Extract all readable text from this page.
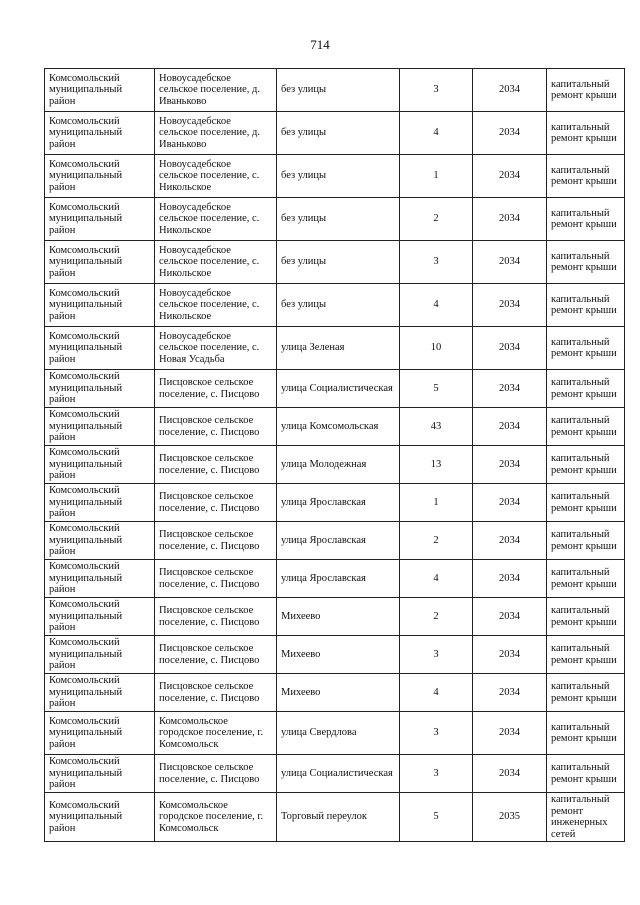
714
Комсомольский муниципальный район	Новоусадебское сельское поселение, д. Иваньково	без улицы	3	2034	капитальный ремонт крыши
Комсомольский муниципальный район	Новоусадебское сельское поселение, д. Иваньково	без улицы	4	2034	капитальный ремонт крыши
Комсомольский муниципальный район	Новоусадебское сельское поселение, с. Никольское	без улицы	1	2034	капитальный ремонт крыши
Комсомольский муниципальный район	Новоусадебское сельское поселение, с. Никольское	без улицы	2	2034	капитальный ремонт крыши
Комсомольский муниципальный район	Новоусадебское сельское поселение, с. Никольское	без улицы	3	2034	капитальный ремонт крыши
Комсомольский муниципальный район	Новоусадебское сельское поселение, с. Никольское	без улицы	4	2034	капитальный ремонт крыши
Комсомольский муниципальный район	Новоусадебское сельское поселение, с. Новая Усадьба	улица Зеленая	10	2034	капитальный ремонт крыши
Комсомольский муниципальный район	Писцовское сельское поселение, с. Писцово	улица Социалистическая	5	2034	капитальный ремонт крыши
Комсомольский муниципальный район	Писцовское сельское поселение, с. Писцово	улица Комсомольская	43	2034	капитальный ремонт крыши
Комсомольский муниципальный район	Писцовское сельское поселение, с. Писцово	улица Молодежная	13	2034	капитальный ремонт крыши
Комсомольский муниципальный район	Писцовское сельское поселение, с. Писцово	улица Ярославская	1	2034	капитальный ремонт крыши
Комсомольский муниципальный район	Писцовское сельское поселение, с. Писцово	улица Ярославская	2	2034	капитальный ремонт крыши
Комсомольский муниципальный район	Писцовское сельское поселение, с. Писцово	улица Ярославская	4	2034	капитальный ремонт крыши
Комсомольский муниципальный район	Писцовское сельское поселение, с. Писцово	Михеево	2	2034	капитальный ремонт крыши
Комсомольский муниципальный район	Писцовское сельское поселение, с. Писцово	Михеево	3	2034	капитальный ремонт крыши
Комсомольский муниципальный район	Писцовское сельское поселение, с. Писцово	Михеево	4	2034	капитальный ремонт крыши
Комсомольский муниципальный район	Комсомольское городское поселение, г. Комсомольск	улица Свердлова	3	2034	капитальный ремонт крыши
Комсомольский муниципальный район	Писцовское сельское поселение, с. Писцово	улица Социалистическая	3	2034	капитальный ремонт крыши
Комсомольский муниципальный район	Комсомольское городское поселение, г. Комсомольск	Торговый переулок	5	2035	капитальный ремонт инженерных сетей
